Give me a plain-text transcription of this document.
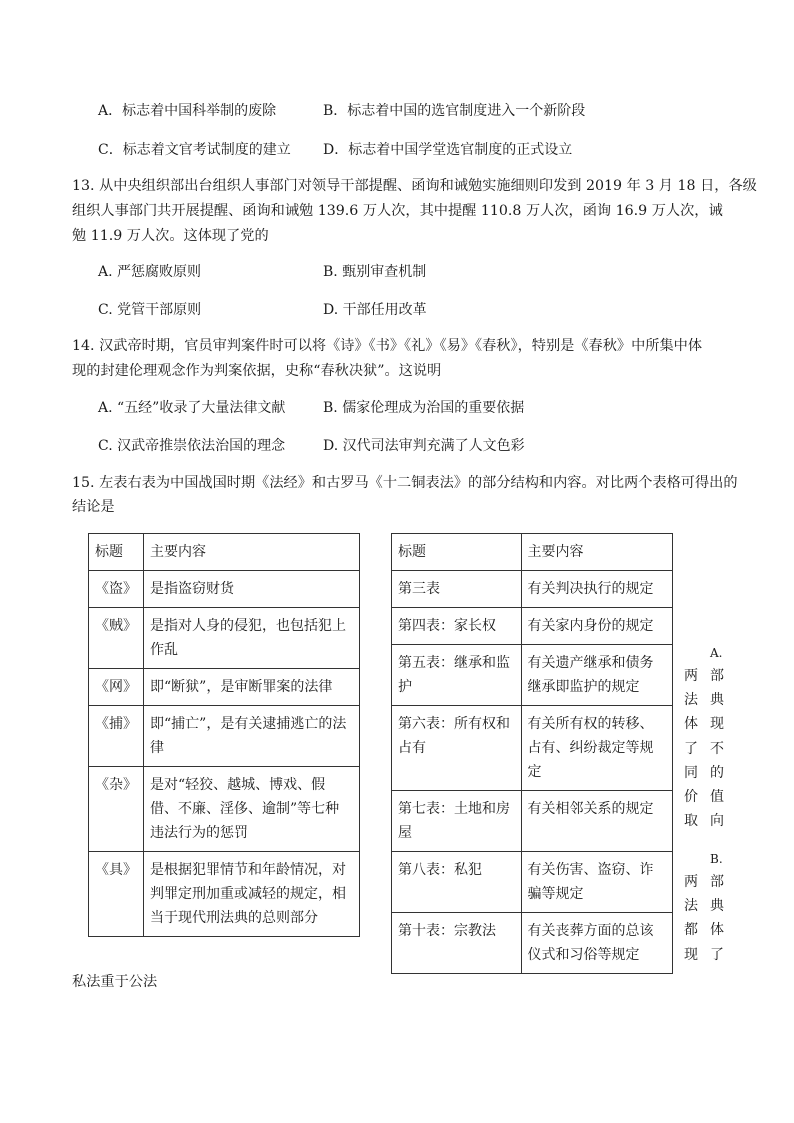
A．标志着中国科举制的废除	B．标志着中国的选官制度进入一个新阶段
C．标志着文官考试制度的建立 D．标志着中国学堂选官制度的正式设立
13. 从中央组织部出台组织人事部门对领导干部提醒、函询和诫勉实施细则印发到 2019 年 3 月 18 日，各级
组织人事部门共开展提醒、函询和诫勉 139.6 万人次，其中提醒 110.8 万人次，函询 16.9 万人次，诫
勉 11.9 万人次。这体现了党的
A. 严惩腐败原则	B. 甄别审查机制
C. 党管干部原则	D. 干部任用改革
14. 汉武帝时期，官员审判案件时可以将《诗》《书》《礼》《易》《春秋》，特别是《春秋》中所集中体
现的封建伦理观念作为判案依据，史称“春秋决狱”。这说明
A. “五经”收录了大量法律文献	B. 儒家伦理成为治国的重要依据
C. 汉武帝推崇依法治国的理念	D. 汉代司法审判充满了人文色彩
15. 左表右表为中国战国时期《法经》和古罗马《十二铜表法》的部分结构和内容。对比两个表格可得出的
结论是
标题	主要内容
《盗》	是指盗窃财货
《贼》	是指对人身的侵犯，也包括犯上作乱
《网》	即“断狱”，是审断罪案的法律
《捕》	即“捕亡”，是有关逮捕逃亡的法律
《杂》	是对“轻狡、越城、博戏、假借、不廉、淫侈、逾制”等七种违法行为的惩罚
《具》	是根据犯罪情节和年龄情况，对判罪定刑加重或减轻的规定，相当于现代刑法典的总则部分
标题	主要内容
第三表	有关判决执行的规定
第四表：家长权	有关家内身份的规定
第五表：继承和监护	有关遗产继承和债务继承即监护的规定
第六表：所有权和占有	有关所有权的转移、占有、纠纷裁定等规定
第七表：土地和房屋	有关相邻关系的规定
第八表：私犯	有关伤害、盗窃、诈骗等规定
第十表：宗教法	有关丧葬方面的总该仪式和习俗等规定
A.
两部
法典
体现
了不
同的
价值
取向
B.
两部
法典
都体
现了
私法重于公法
